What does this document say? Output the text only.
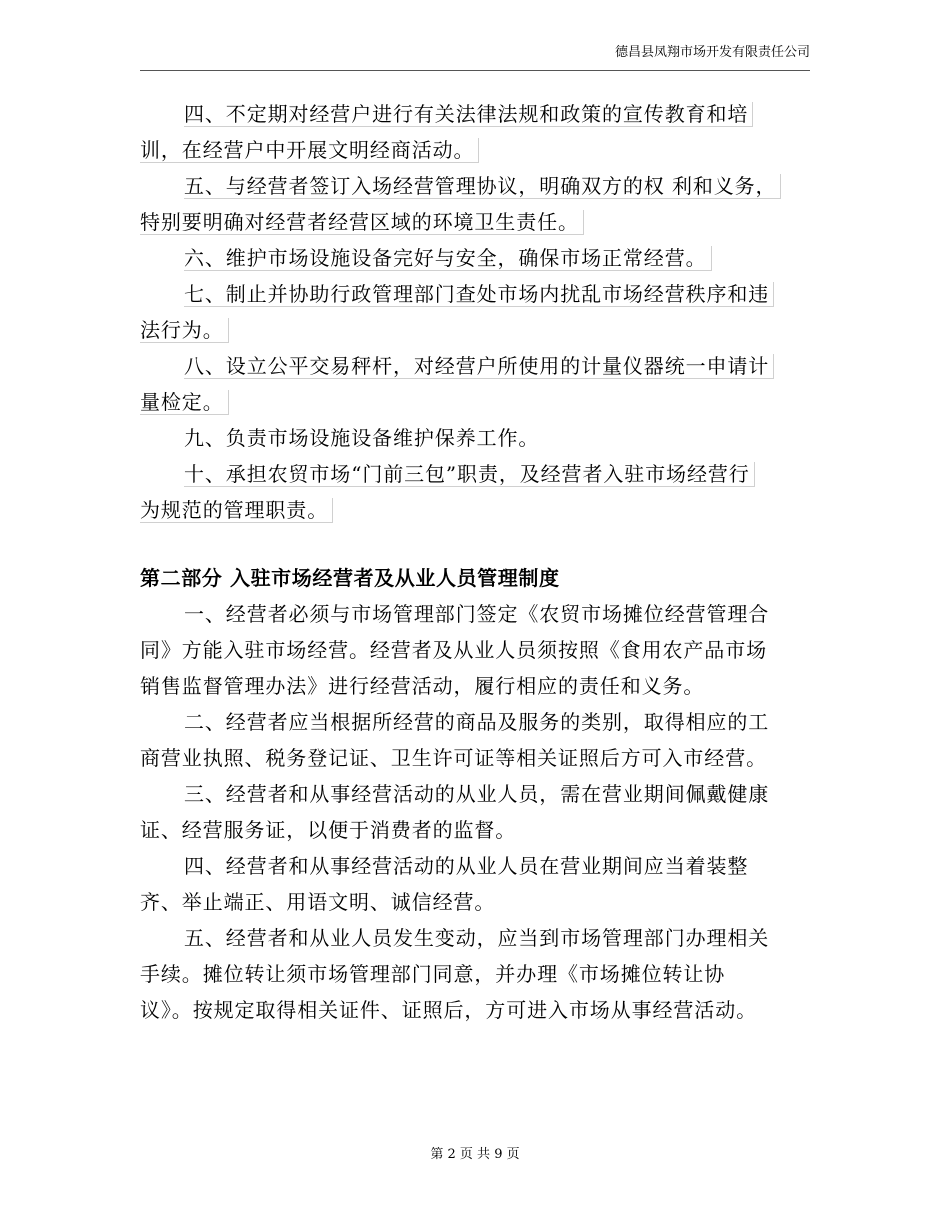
德昌县凤翔市场开发有限责任公司
四、不定期对经营户进行有关法律法规和政策的宣传教育和培
训，在经营户中开展文明经商活动。
五、与经营者签订入场经营管理协议，明确双方的权 利和义务，
特别要明确对经营者经营区域的环境卫生责任。
六、维护市场设施设备完好与安全，确保市场正常经营。
七、制止并协助行政管理部门查处市场内扰乱市场经营秩序和违
法行为。
八、设立公平交易秤杆，对经营户所使用的计量仪器统一申请计
量检定。
九、负责市场设施设备维护保养工作。
十、承担农贸市场“门前三包”职责，及经营者入驻市场经营行
为规范的管理职责。
第二部分 入驻市场经营者及从业人员管理制度
一、经营者必须与市场管理部门签定《农贸市场摊位经营管理合
同》方能入驻市场经营。经营者及从业人员须按照《食用农产品市场
销售监督管理办法》进行经营活动，履行相应的责任和义务。
二、经营者应当根据所经营的商品及服务的类别，取得相应的工
商营业执照、税务登记证、卫生许可证等相关证照后方可入市经营。
三、经营者和从事经营活动的从业人员，需在营业期间佩戴健康
证、经营服务证，以便于消费者的监督。
四、经营者和从事经营活动的从业人员在营业期间应当着装整
齐、举止端正、用语文明、诚信经营。
五、经营者和从业人员发生变动，应当到市场管理部门办理相关
手续。摊位转让须市场管理部门同意，并办理《市场摊位转让协
议》。按规定取得相关证件、证照后，方可进入市场从事经营活动。
第 2 页 共 9 页
